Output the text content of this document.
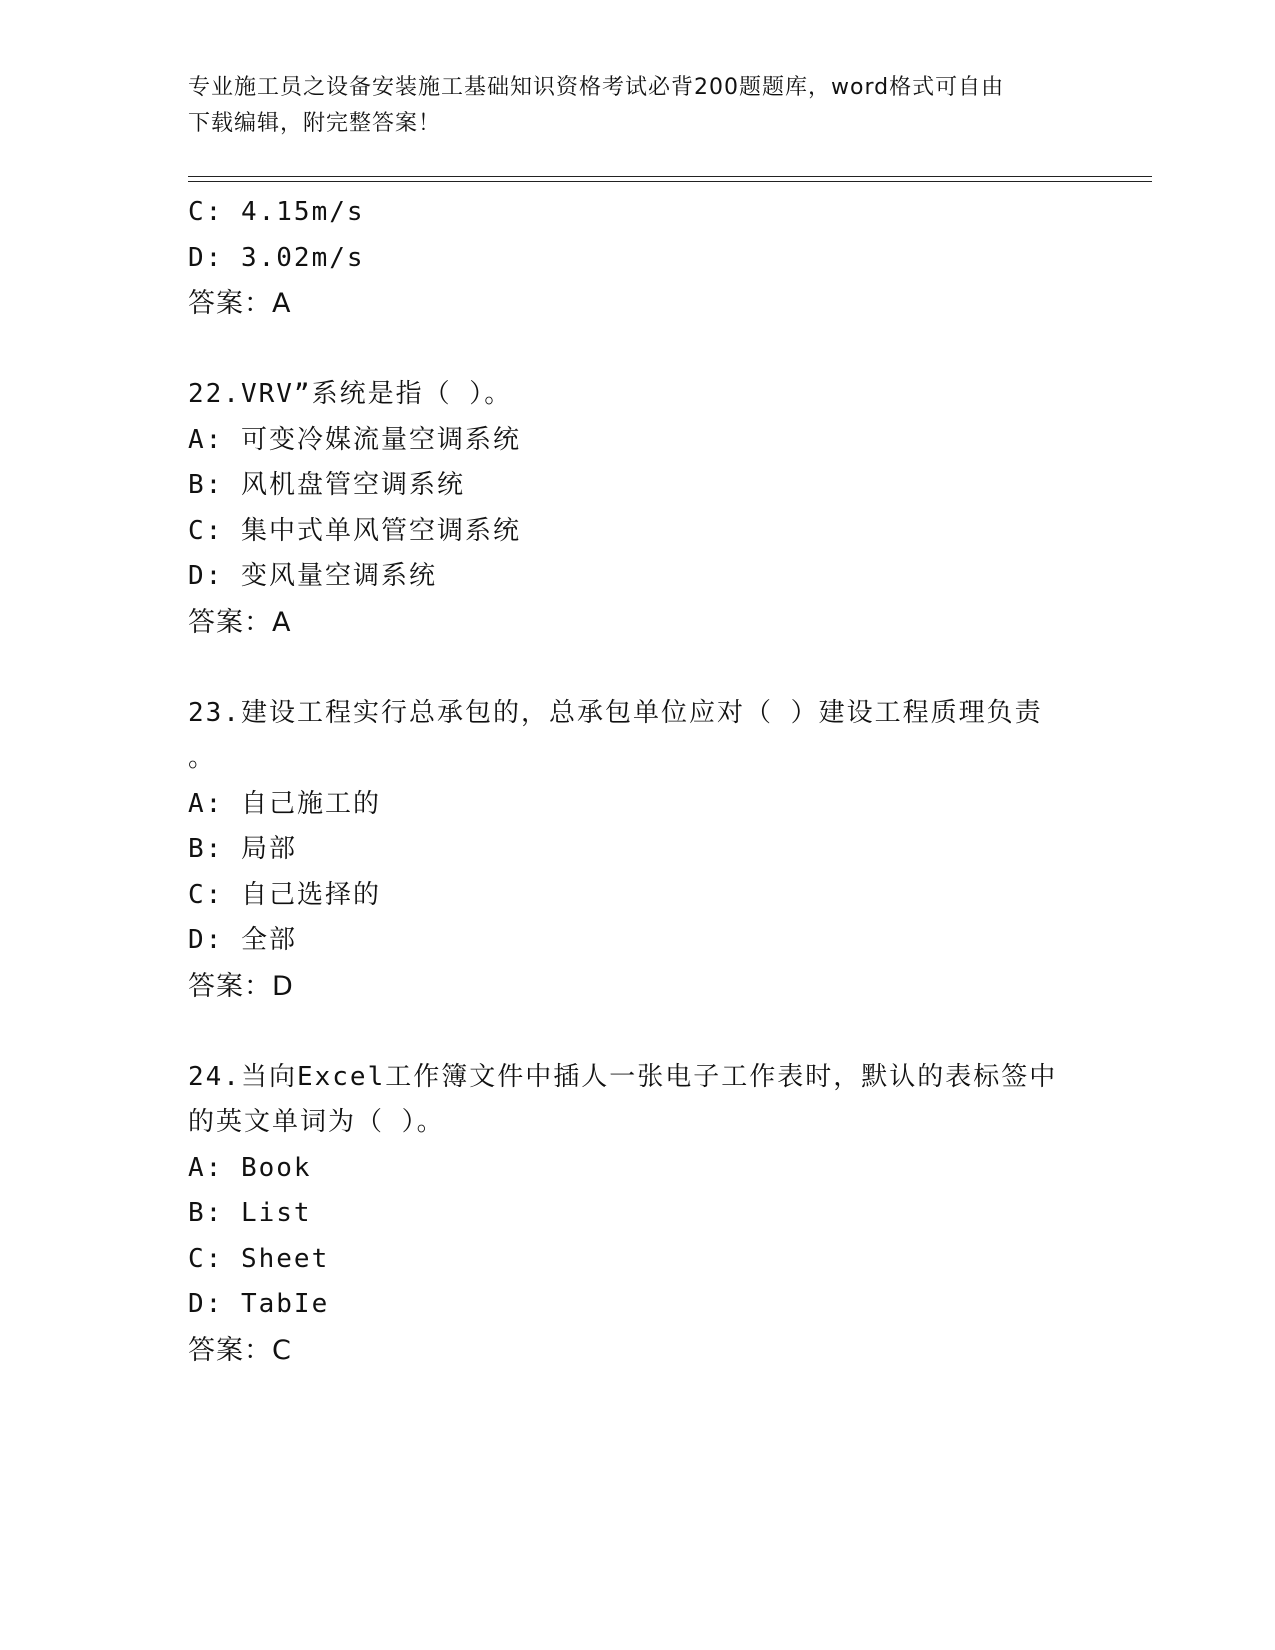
专业施工员之设备安装施工基础知识资格考试必背200题题库，word格式可自由
下载编辑，附完整答案！
C: 4.15m/s
D: 3.02m/s
答案：A
22.VRV”系统是指（ ）。
A: 可变冷媒流量空调系统
B: 风机盘管空调系统
C: 集中式单风管空调系统
D: 变风量空调系统
答案：A
23.建设工程实行总承包的，总承包单位应对（ ）建设工程质理负责
。
A: 自己施工的
B: 局部
C: 自己选择的
D: 全部
答案：D
24.当向Excel工作簿文件中插人一张电子工作表时，默认的表标签中
的英文单词为（ ）。
A: Book
B: List
C: Sheet
D: TabIe
答案：C
